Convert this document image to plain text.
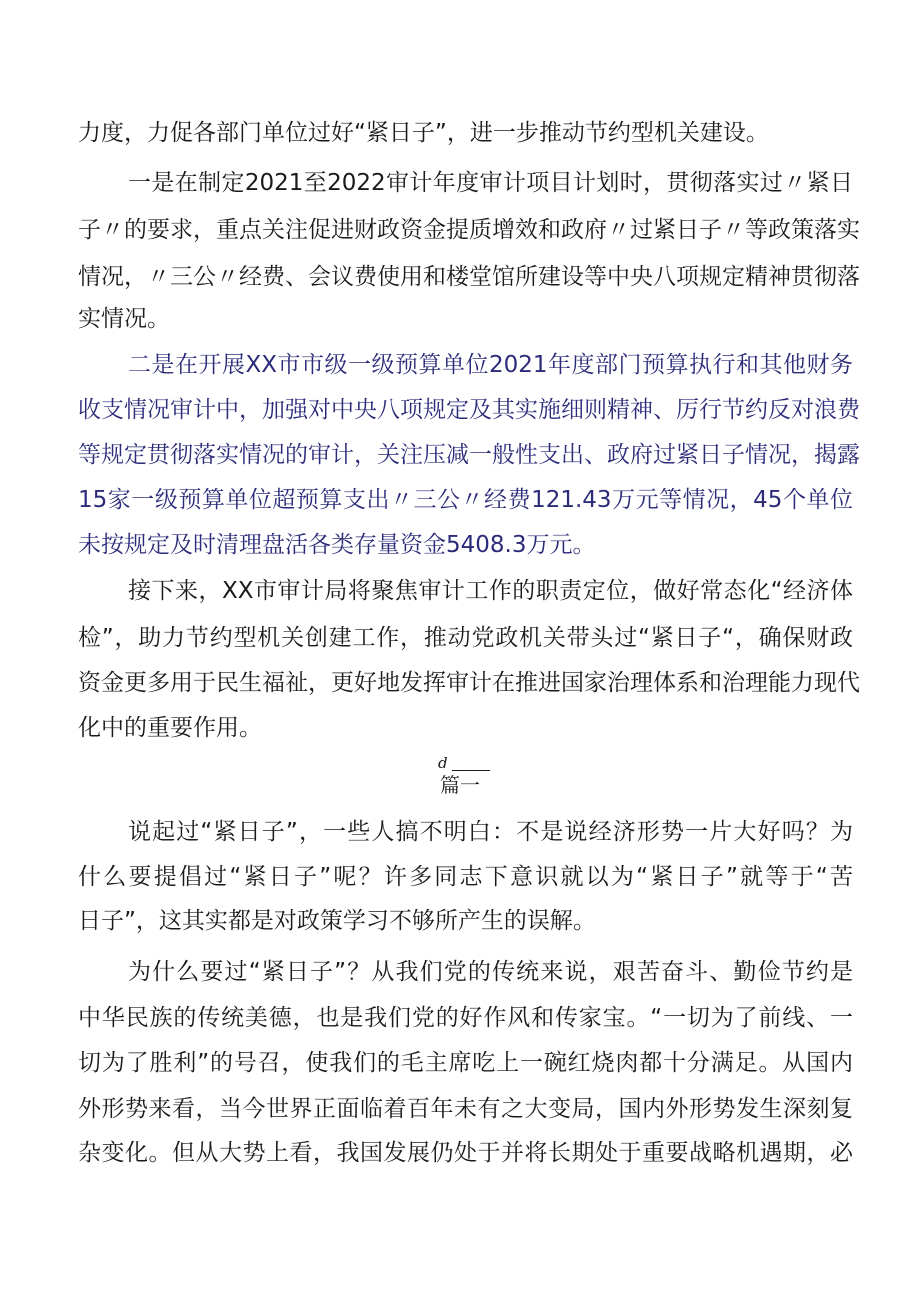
力度，力促各部门单位过好“紧日子”，进一步推动节约型机关建设。
一是在制定2021至2022审计年度审计项目计划时，贯彻落实过〃紧日
子〃的要求，重点关注促进财政资金提质增效和政府〃过紧日子〃等政策落实
情况，〃三公〃经费、会议费使用和楼堂馆所建设等中央八项规定精神贯彻落
实情况。
二是在开展XX市市级一级预算单位2021年度部门预算执行和其他财务
收支情况审计中，加强对中央八项规定及其实施细则精神、厉行节约反对浪费
等规定贯彻落实情况的审计，关注压减一般性支出、政府过紧日子情况，揭露
15家一级预算单位超预算支出〃三公〃经费121.43万元等情况，45个单位
未按规定及时清理盘活各类存量资金5408.3万元。
接下来，XX市审计局将聚焦审计工作的职责定位，做好常态化“经济体
检”，助力节约型机关创建工作，推动党政机关带头过“紧日子“，确保财政
资金更多用于民生福祉，更好地发挥审计在推进国家治理体系和治理能力现代
化中的重要作用。
d
篇一
说起过“紧日子”，一些人搞不明白：不是说经济形势一片大好吗？为
什么要提倡过“紧日子”呢？许多同志下意识就以为“紧日子”就等于“苦
日子”，这其实都是对政策学习不够所产生的误解。
为什么要过“紧日子”？从我们党的传统来说，艰苦奋斗、勤俭节约是
中华民族的传统美德，也是我们党的好作风和传家宝。“一切为了前线、一
切为了胜利”的号召，使我们的毛主席吃上一碗红烧肉都十分满足。从国内
外形势来看，当今世界正面临着百年未有之大变局，国内外形势发生深刻复
杂变化。但从大势上看，我国发展仍处于并将长期处于重要战略机遇期，必
